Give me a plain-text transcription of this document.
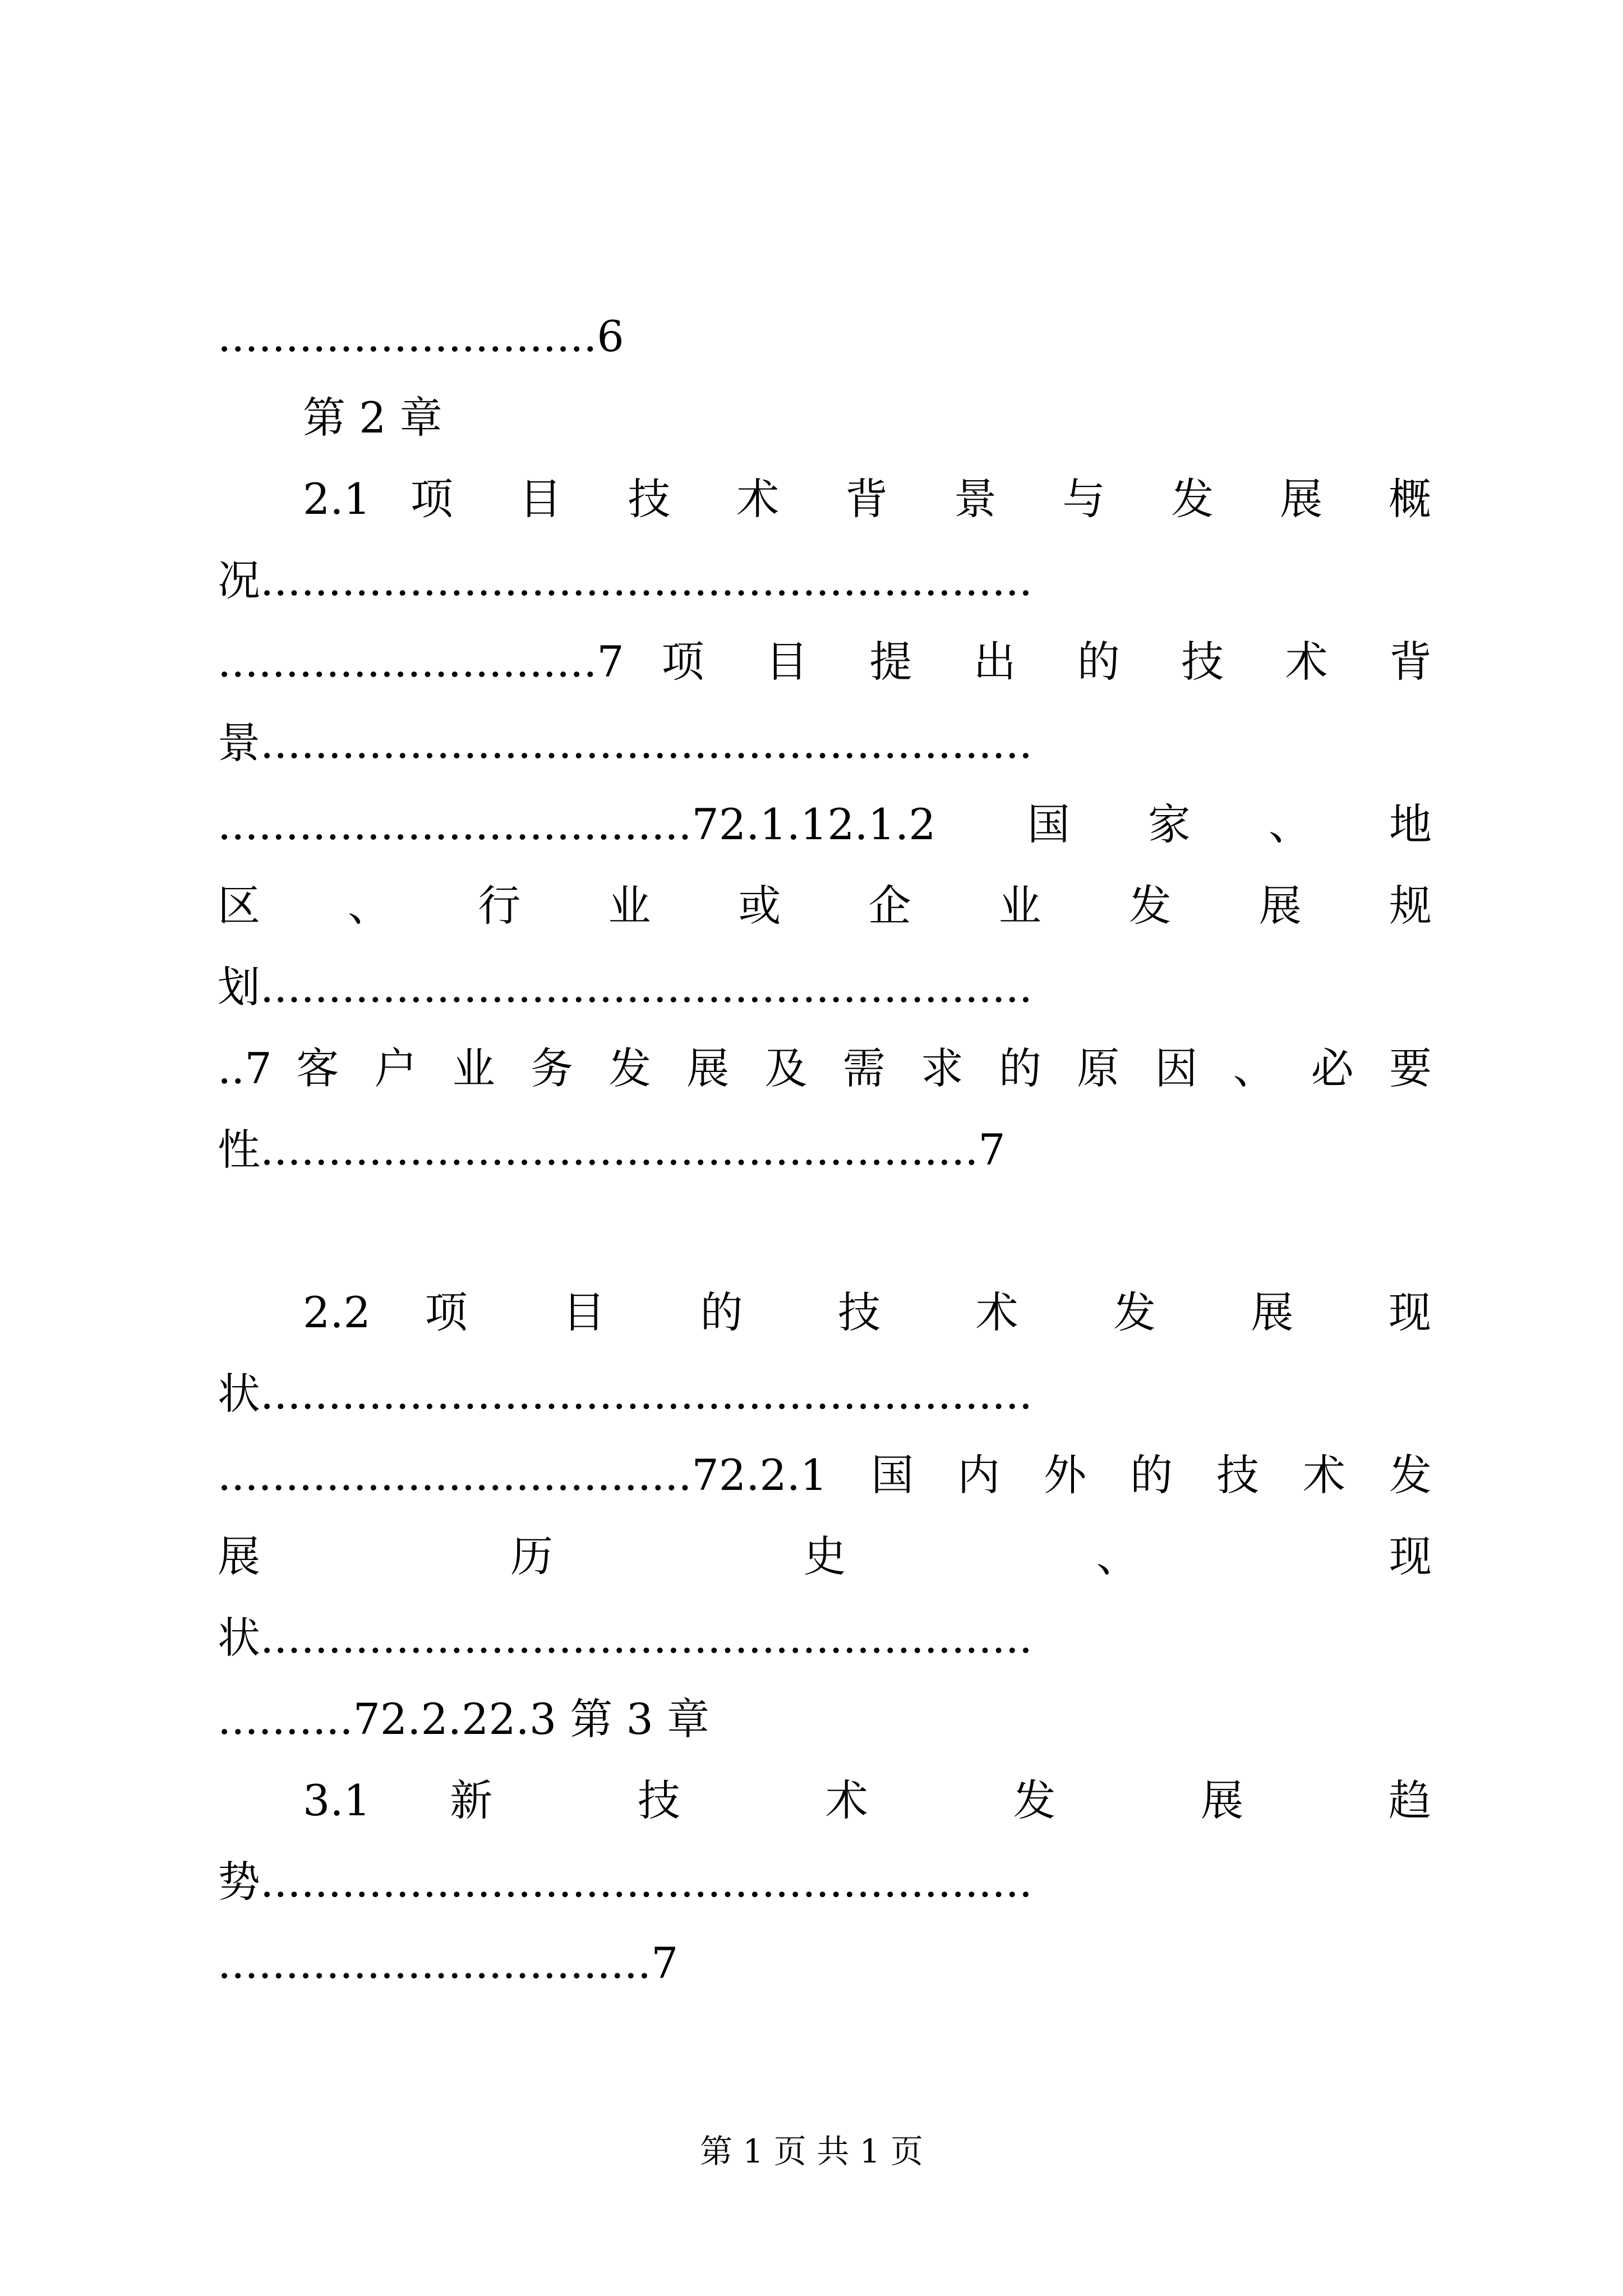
............................6
第 2 章
2.1 项 目 技 术 背 景 与 发 展 概
况.........................................................
............................7 项 目 提 出 的 技 术 背
景.........................................................
...................................72.1.12.1.2 国家、地
区 、 行 业 或 企 业 发 展 规
划.........................................................
..7 客 户 业 务 发 展 及 需 求 的 原 因 、 必 要
性.....................................................7
2.2 项 目 的 技 术 发 展 现
状.........................................................
...................................72.2.1国内外的技术发
展 历 史 、 现
状.........................................................
..........72.2.22.3 第 3 章
3.1 新 技 术 发 展 趋
势.........................................................
................................7
第 1 页 共 1 页
